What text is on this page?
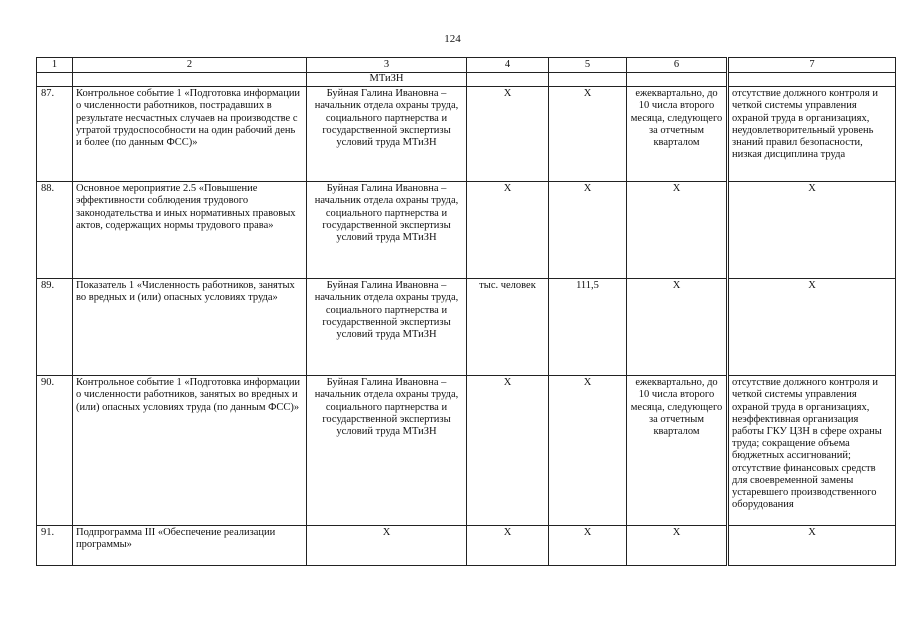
124
1	2	3	4	5	6	7
		МТиЗН				
87.	Контрольное событие 1 «Подготовка информации о численности работников, пострадавших в результате несчастных случаев на производстве с утратой трудоспособности на один рабочий день и более (по данным ФСС)»	Буйная Галина Ивановна – начальник отдела охраны труда, социального партнерства и государственной экспертизы условий труда МТиЗН	Х	Х	ежеквартально, до 10 числа второго месяца, следующего за отчетным кварталом	отсутствие должного контроля и четкой системы управления охраной труда в организациях, неудовлетворительный уровень знаний правил безопасности, низкая дисциплина труда
88.	Основное мероприятие 2.5 «Повышение эффективности соблюдения трудового законодательства и иных нормативных правовых актов, содержащих нормы трудового права»	Буйная Галина Ивановна – начальник отдела охраны труда, социального партнерства и государственной экспертизы условий труда МТиЗН	Х	Х	Х	Х
89.	Показатель 1 «Численность работников, занятых во вредных и (или) опасных условиях труда»	Буйная Галина Ивановна – начальник отдела охраны труда, социального партнерства и государственной экспертизы условий труда МТиЗН	тыс. человек	111,5	Х	Х
90.	Контрольное событие 1 «Подготовка информации о численности работников, занятых во вредных и (или) опасных условиях труда (по данным ФСС)»	Буйная Галина Ивановна – начальник отдела охраны труда, социального партнерства и государственной экспертизы условий труда МТиЗН	Х	Х	ежеквартально, до 10 числа второго месяца, следующего за отчетным кварталом	отсутствие должного контроля и четкой системы управления охраной труда в организациях, неэффективная организация работы ГКУ ЦЗН в сфере охраны труда; сокращение объема бюджетных ассигнований; отсутствие финансовых средств для своевременной замены устаревшего производственного оборудования
91.	Подпрограмма III «Обеспечение реализации программы»	Х	Х	Х	Х	Х
